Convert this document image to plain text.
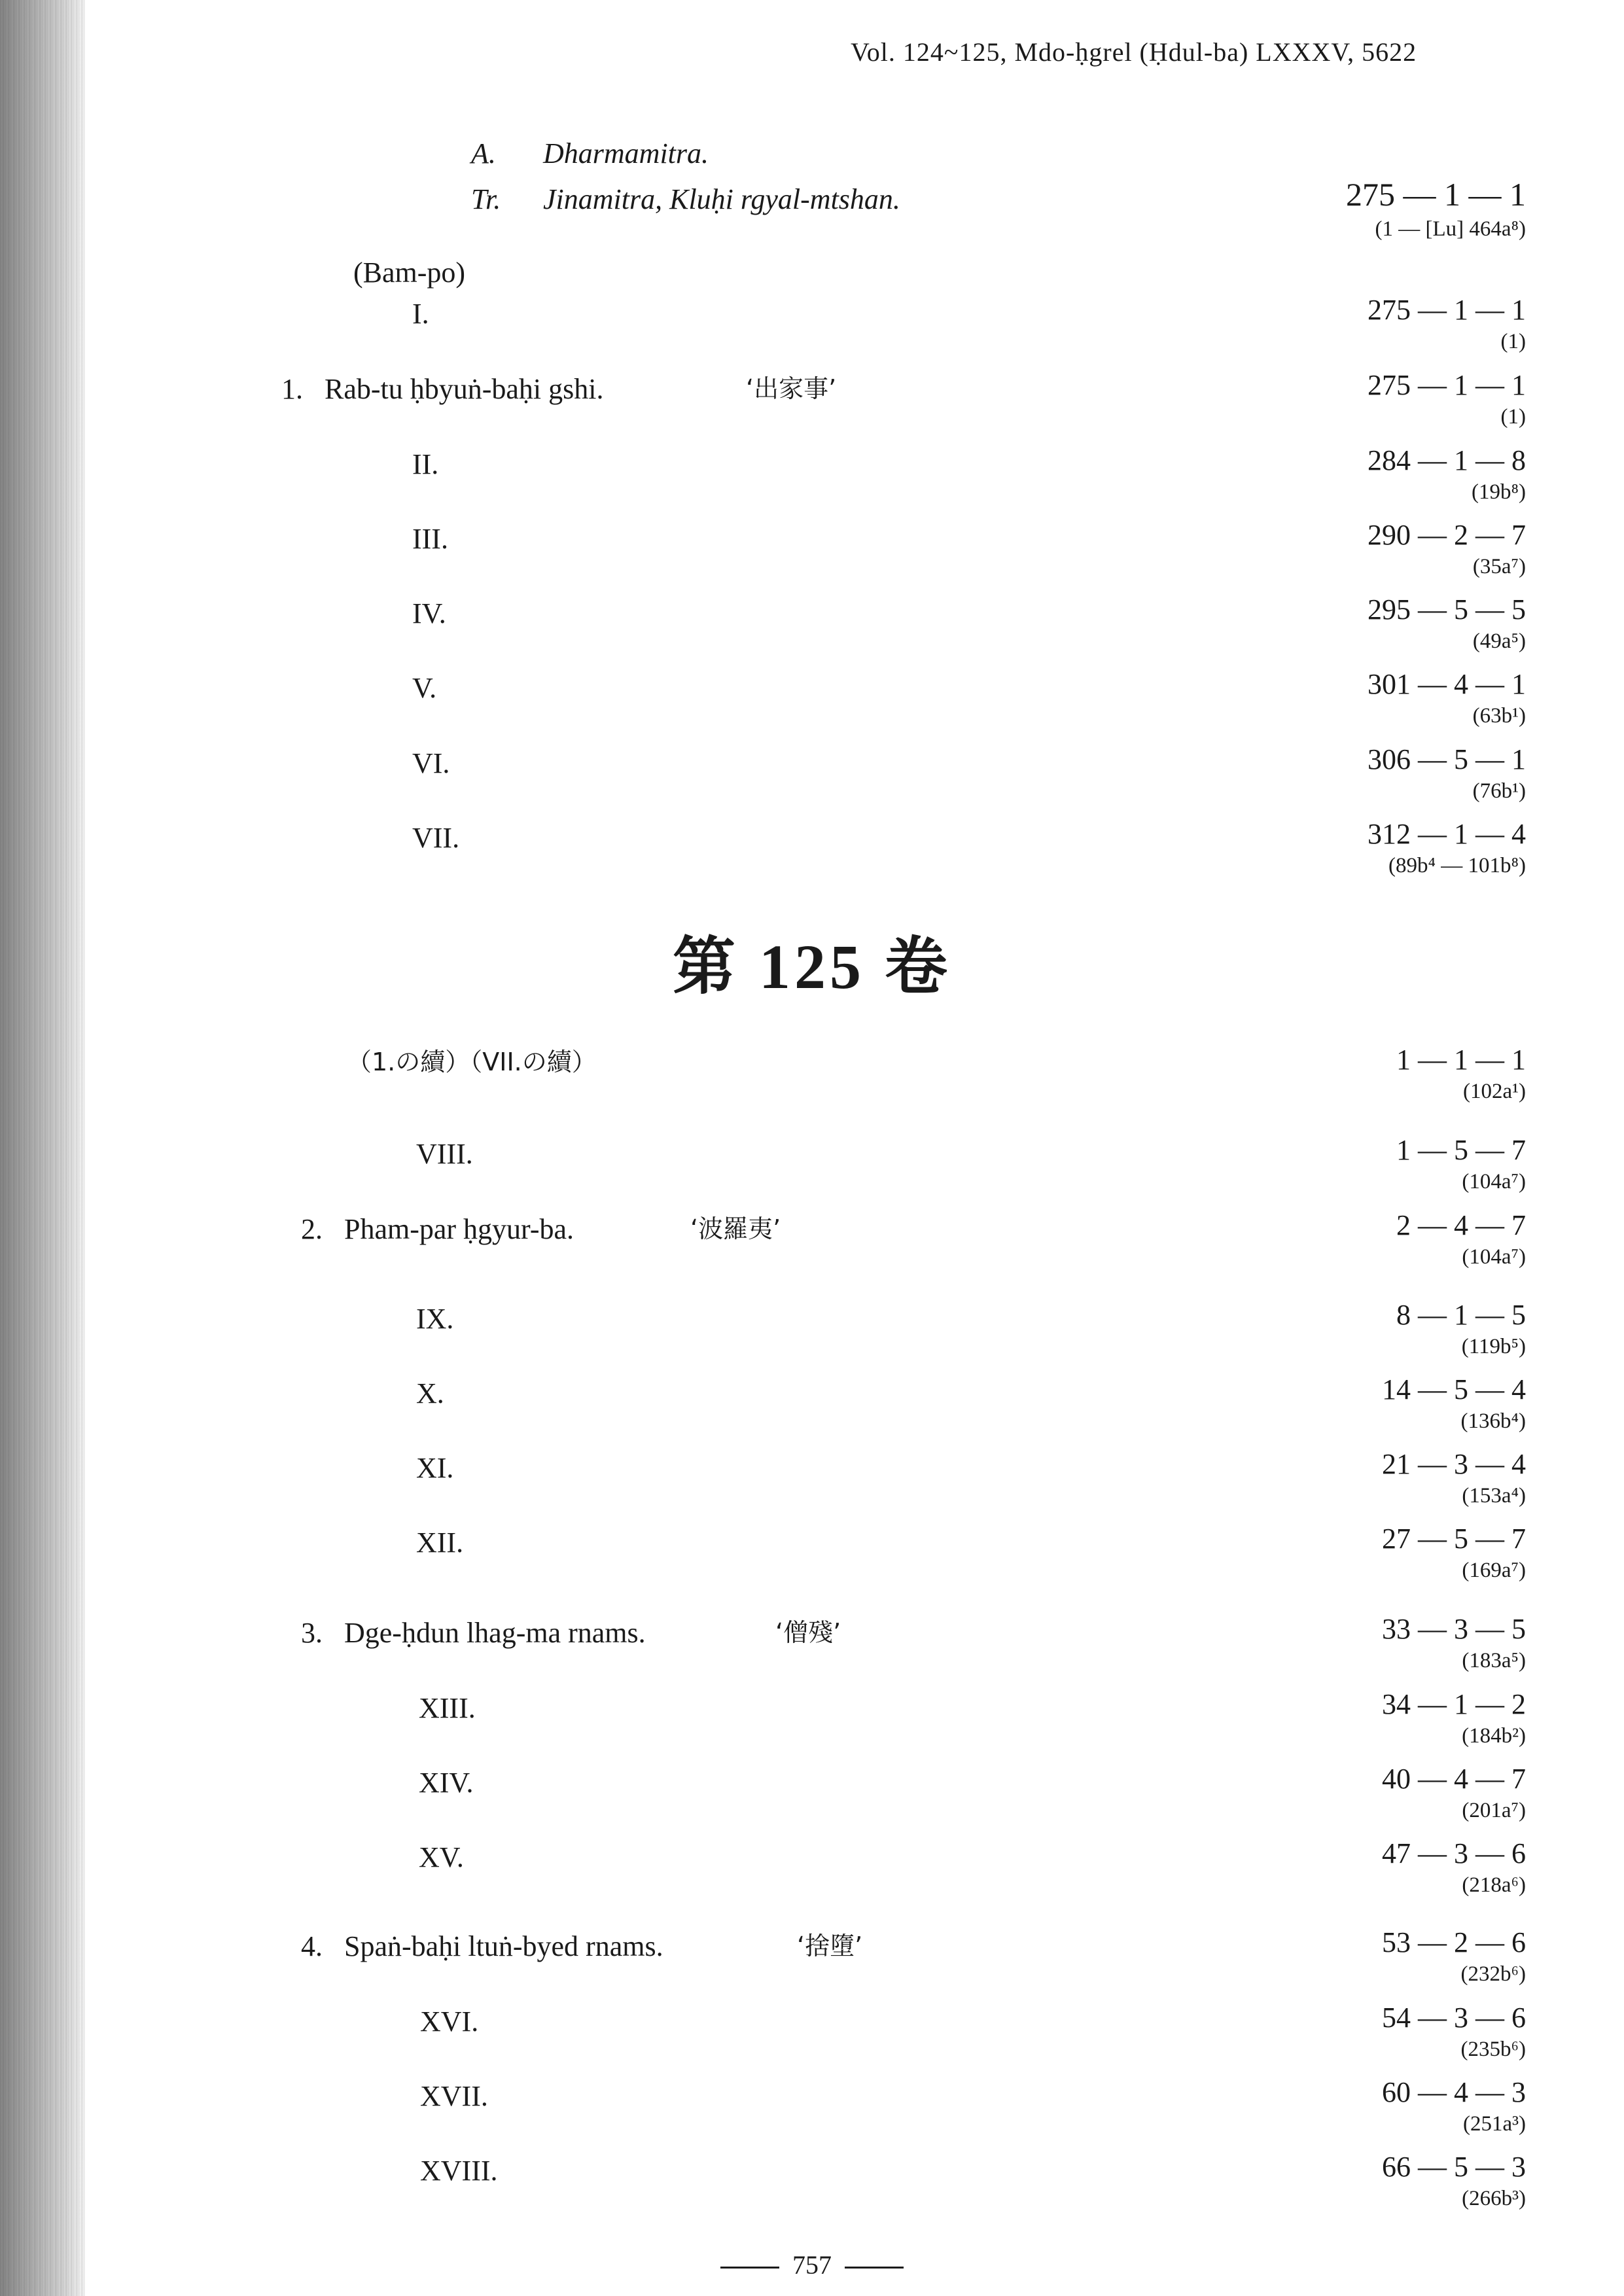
Vol. 124~125, Mdo-ḥgrel (Ḥdul-ba) LXXXV, 5622
A. Dharmamitra.
Tr. Jinamitra, Kluḥi rgyal-mtshan.	275 — 1 — 1
(1 — [Lu] 464a⁸)
(Bam-po)
I.	275 — 1 — 1
(1)
1.   Rab-tu ḥbyuṅ-baḥi gshi.	‘出家事’	275 — 1 — 1
(1)
II.	284 — 1 — 8
(19b⁸)
III.	290 — 2 — 7
(35a⁷)
IV.	295 — 5 — 5
(49a⁵)
V.	301 — 4 — 1
(63b¹)
VI.	306 — 5 — 1
(76b¹)
VII.	312 — 1 — 4
(89b⁴ — 101b⁸)
第 125 卷
（1.の續）（VII.の續）	1 — 1 — 1
(102a¹)
VIII.	1 — 5 — 7
(104a⁷)
2.   Pham-par ḥgyur-ba.	‘波羅夷’	2 — 4 — 7
(104a⁷)
IX.	8 — 1 — 5
(119b⁵)
X.	14 — 5 — 4
(136b⁴)
XI.	21 — 3 — 4
(153a⁴)
XII.	27 — 5 — 7
(169a⁷)
3.   Dge-ḥdun lhag-ma rnams.	‘僧殘’	33 — 3 — 5
(183a⁵)
XIII.	34 — 1 — 2
(184b²)
XIV.	40 — 4 — 7
(201a⁷)
XV.	47 — 3 — 6
(218a⁶)
4.   Spaṅ-baḥi ltuṅ-byed rnams.	‘捨墮’	53 — 2 — 6
(232b⁶)
XVI.	54 — 3 — 6
(235b⁶)
XVII.	60 — 4 — 3
(251a³)
XVIII.	66 — 5 — 3
(266b³)
757
